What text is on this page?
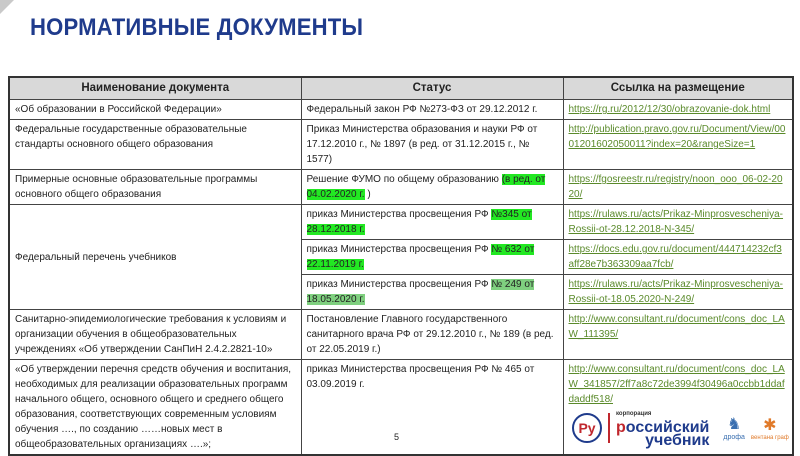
НОРМАТИВНЫЕ ДОКУМЕНТЫ
Наименование документа	Статус	Ссылка на размещение
«Об образовании в Российской Федерации»	Федеральный закон РФ №273-ФЗ от 29.12.2012 г.	https://rg.ru/2012/12/30/obrazovanie-dok.html
Федеральные государственные образовательные стандарты основного общего образования	Приказ Министерства образования и науки РФ от 17.12.2010 г., № 1897 (в ред. от 31.12.2015 г., № 1577)	http://publication.pravo.gov.ru/Document/View/0001201602050011?index=20&rangeSize=1
Примерные основные образовательные программы основного общего образования	Решение ФУМО по общему образованию (в ред. от 04.02.2020 г. )	https://fgosreestr.ru/registry/noon_ooo_06-02-2020/
Федеральный перечень учебников	приказ Министерства просвещения РФ №345 от 28.12.2018 г.	https://rulaws.ru/acts/Prikaz-Minprosvescheniya-Rossii-ot-28.12.2018-N-345/
	приказ Министерства просвещения РФ № 632 от 22.11.2019 г.	https://docs.edu.gov.ru/document/444714232cf3aff28e7b363309aa7fcb/
	приказ Министерства просвещения РФ № 249 от 18.05.2020 г.	https://rulaws.ru/acts/Prikaz-Minprosvescheniya-Rossii-ot-18.05.2020-N-249/
Санитарно-эпидемиологические требования к условиям и организации обучения в общеобразовательных учреждениях «Об утверждении СанПиН 2.4.2.2821-10»	Постановление Главного государственного санитарного врача РФ от 29.12.2010 г., № 189 (в ред. от 22.05.2019 г.)	http://www.consultant.ru/document/cons_doc_LAW_111395/
«Об утверждении перечня средств обучения и воспитания, необходимых для реализации образовательных программ начального общего, основного общего и среднего общего образования, соответствующих современным условиям обучения …., по созданию ……новых мест в общеобразовательных организациях ….»;	приказ Министерства просвещения РФ № 465 от 03.09.2019 г.	http://www.consultant.ru/document/cons_doc_LAW_341857/2ff7a8c72de3994f30496a0ccbb1ddafdaddf518/
5
Ру
корпорация
российский
учебник
♞
дрофа
✱
вентана граф
